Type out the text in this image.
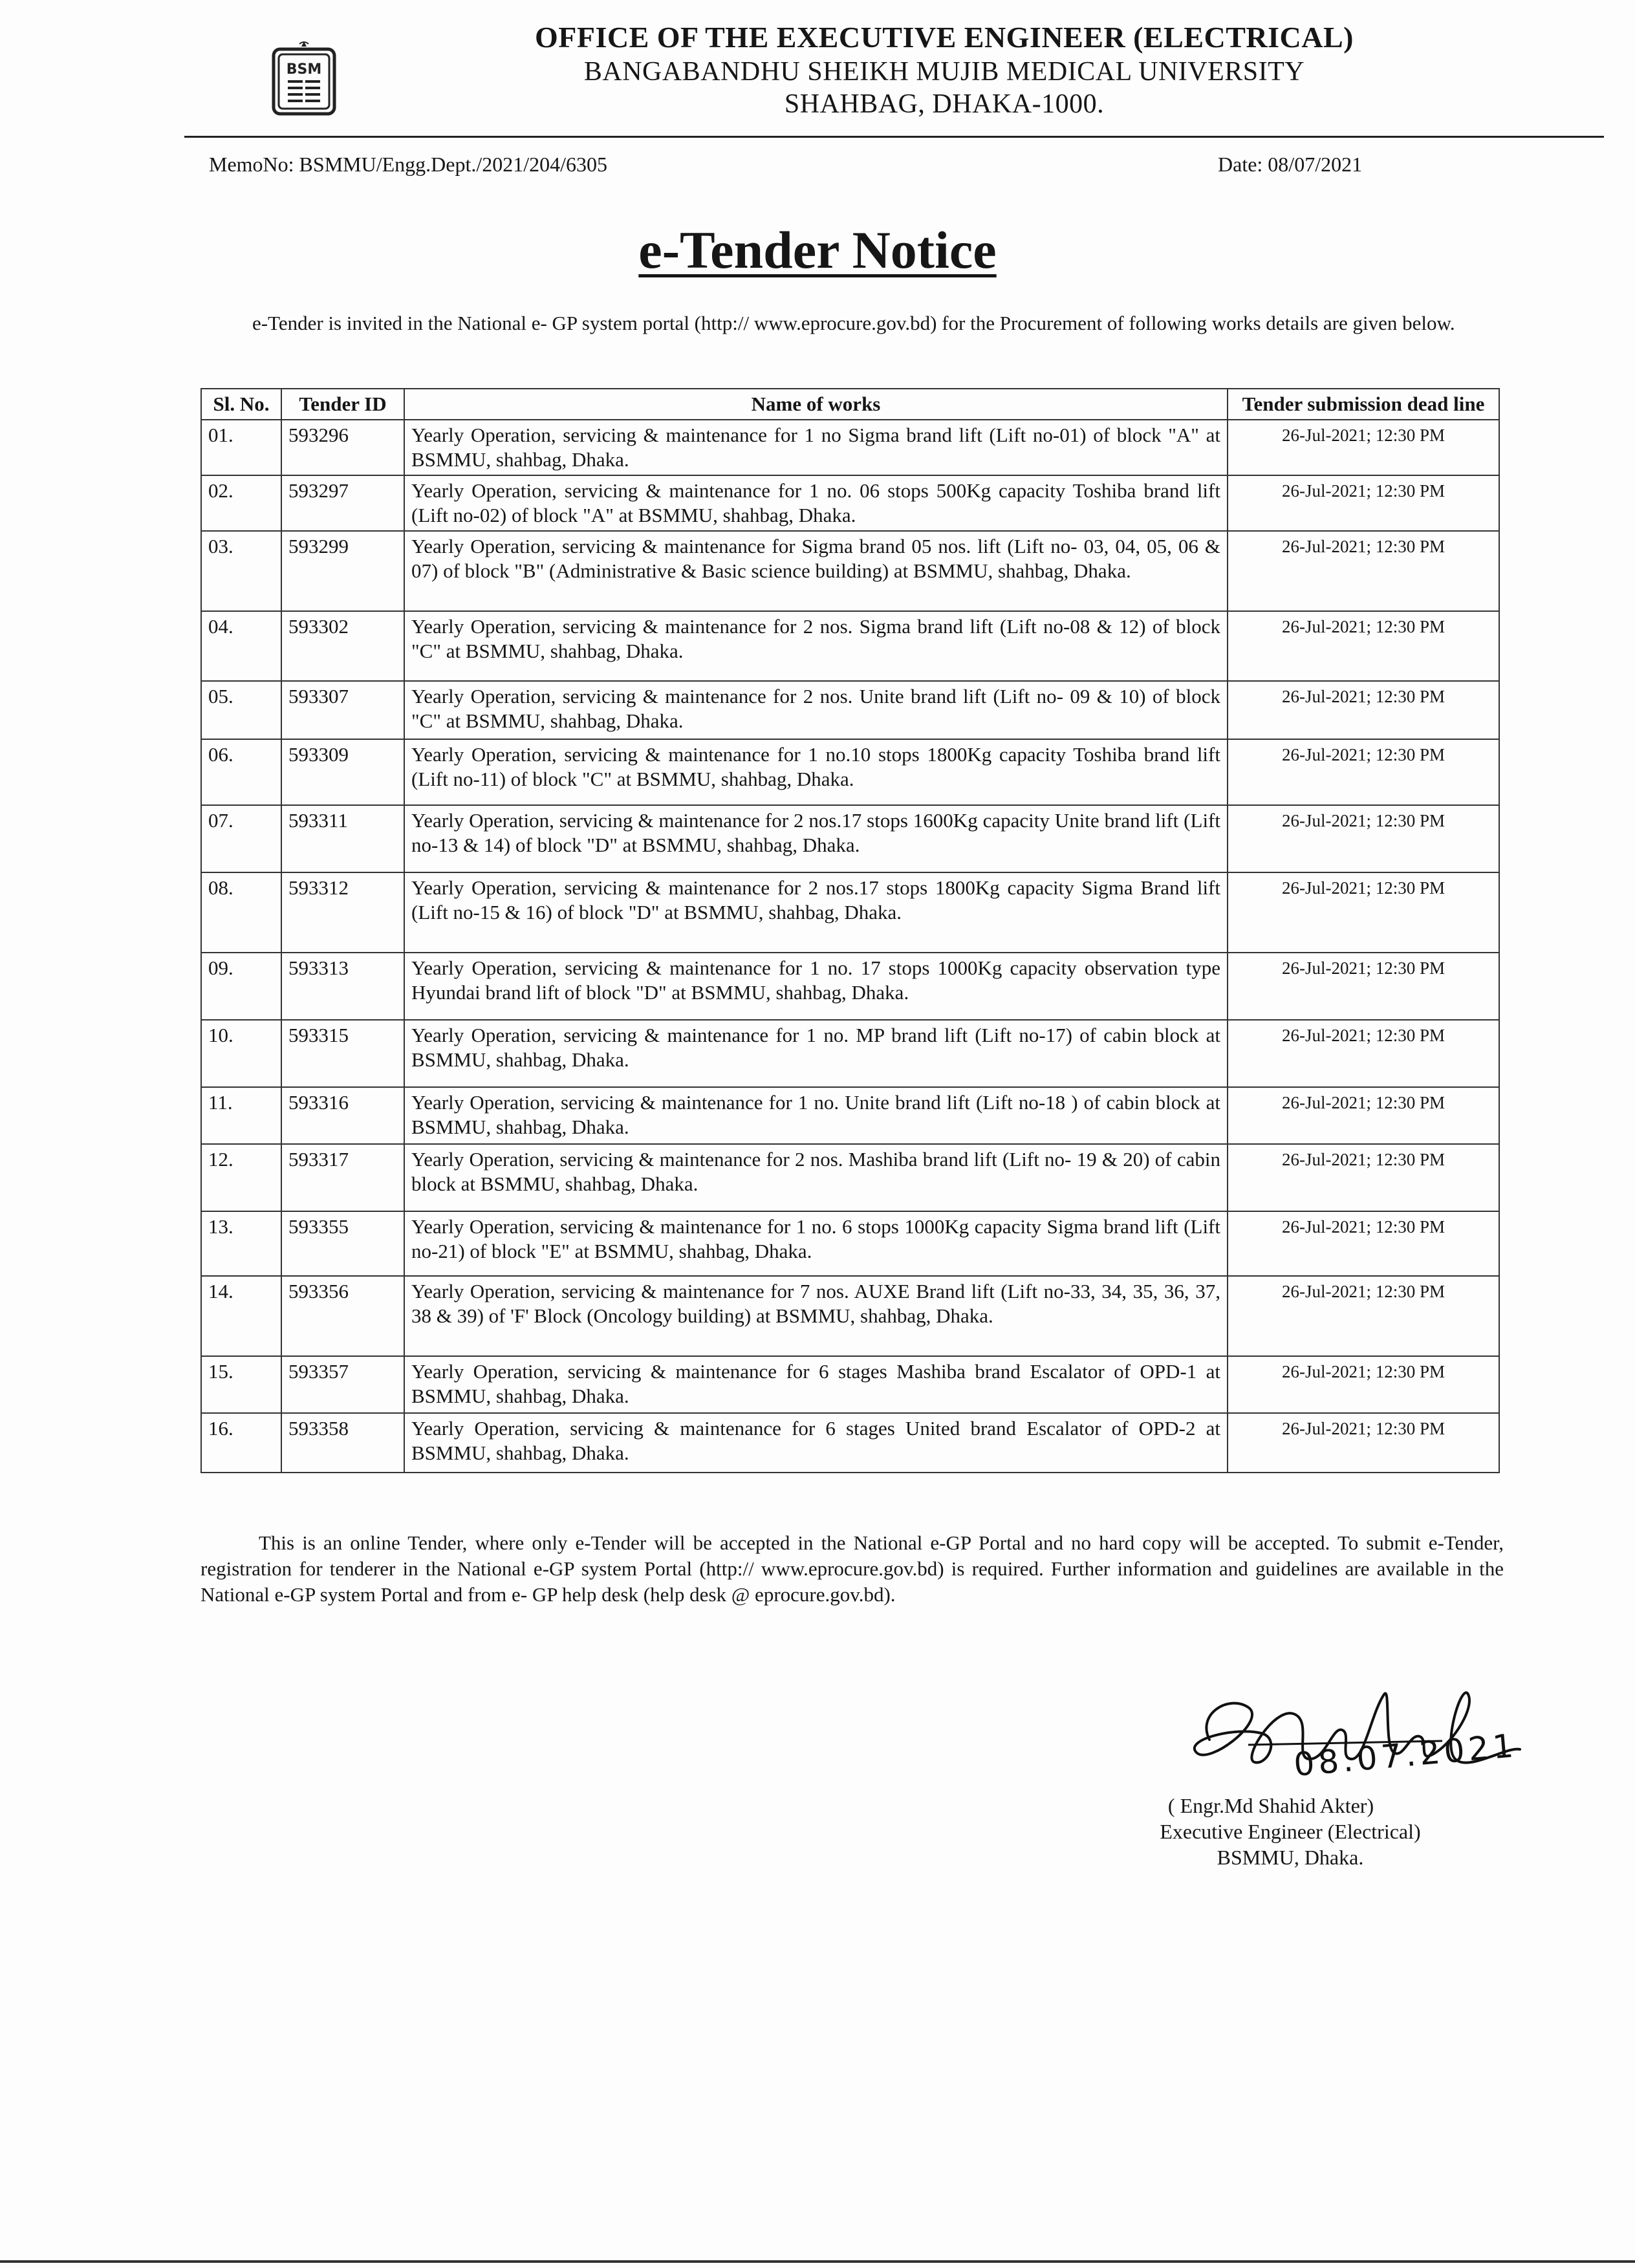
BSM
OFFICE OF THE EXECUTIVE ENGINEER (ELECTRICAL)
BANGABANDHU SHEIKH MUJIB MEDICAL UNIVERSITY
SHAHBAG, DHAKA-1000.
MemoNo: BSMMU/Engg.Dept./2021/204/6305	Date: 08/07/2021
e-Tender Notice
e-Tender is invited in the National e- GP system portal (http:// www.eprocure.gov.bd) for the Procurement of following works details are given below.
Sl. No.	Tender ID	Name of works	Tender submission dead line
01.	593296	Yearly Operation, servicing & maintenance for 1 no Sigma brand lift (Lift no-01) of block "A" at BSMMU, shahbag, Dhaka.	26-Jul-2021; 12:30 PM
02.	593297	Yearly Operation, servicing & maintenance for 1 no. 06 stops 500Kg capacity Toshiba brand lift (Lift no-02) of block "A" at BSMMU, shahbag, Dhaka.	26-Jul-2021; 12:30 PM
03.	593299	Yearly Operation, servicing & maintenance for Sigma brand 05 nos. lift (Lift no- 03, 04, 05, 06 & 07) of block "B" (Administrative & Basic science building) at BSMMU, shahbag, Dhaka.	26-Jul-2021; 12:30 PM
04.	593302	Yearly Operation, servicing & maintenance for 2 nos. Sigma brand lift (Lift no-08 & 12) of block "C" at BSMMU, shahbag, Dhaka.	26-Jul-2021; 12:30 PM
05.	593307	Yearly Operation, servicing & maintenance for 2 nos. Unite brand lift (Lift no- 09 & 10) of block "C" at BSMMU, shahbag, Dhaka.	26-Jul-2021; 12:30 PM
06.	593309	Yearly Operation, servicing & maintenance for 1 no.10 stops 1800Kg capacity Toshiba brand lift (Lift no-11) of block "C" at BSMMU, shahbag, Dhaka.	26-Jul-2021; 12:30 PM
07.	593311	Yearly Operation, servicing & maintenance for 2 nos.17 stops 1600Kg capacity Unite brand lift (Lift no-13 & 14) of block "D" at BSMMU, shahbag, Dhaka.	26-Jul-2021; 12:30 PM
08.	593312	Yearly Operation, servicing & maintenance for 2 nos.17 stops 1800Kg capacity Sigma Brand lift (Lift no-15 & 16) of block "D" at BSMMU, shahbag, Dhaka.	26-Jul-2021; 12:30 PM
09.	593313	Yearly Operation, servicing & maintenance for 1 no. 17 stops 1000Kg capacity observation type Hyundai brand lift of block "D" at BSMMU, shahbag, Dhaka.	26-Jul-2021; 12:30 PM
10.	593315	Yearly Operation, servicing & maintenance for 1 no. MP brand lift (Lift no-17) of cabin block at BSMMU, shahbag, Dhaka.	26-Jul-2021; 12:30 PM
11.	593316	Yearly Operation, servicing & maintenance for 1 no. Unite brand lift (Lift no-18 ) of cabin block at BSMMU, shahbag, Dhaka.	26-Jul-2021; 12:30 PM
12.	593317	Yearly Operation, servicing & maintenance for 2 nos. Mashiba brand lift (Lift no- 19 & 20) of cabin block at BSMMU, shahbag, Dhaka.	26-Jul-2021; 12:30 PM
13.	593355	Yearly Operation, servicing & maintenance for 1 no. 6 stops 1000Kg capacity Sigma brand lift (Lift no-21) of block "E" at BSMMU, shahbag, Dhaka.	26-Jul-2021; 12:30 PM
14.	593356	Yearly Operation, servicing & maintenance for 7 nos. AUXE Brand lift (Lift no-33, 34, 35, 36, 37, 38 & 39) of 'F' Block (Oncology building) at BSMMU, shahbag, Dhaka.	26-Jul-2021; 12:30 PM
15.	593357	Yearly Operation, servicing & maintenance for 6 stages Mashiba brand Escalator of OPD-1 at BSMMU, shahbag, Dhaka.	26-Jul-2021; 12:30 PM
16.	593358	Yearly Operation, servicing & maintenance for 6 stages United brand Escalator of OPD-2 at BSMMU, shahbag, Dhaka.	26-Jul-2021; 12:30 PM
This is an online Tender, where only e-Tender will be accepted in the National e-GP Portal and no hard copy will be accepted. To submit e-Tender, registration for tenderer in the National e-GP system Portal (http:// www.eprocure.gov.bd) is required. Further information and guidelines are available in the National e-GP system Portal and from e- GP help desk (help desk @ eprocure.gov.bd).
08.07.2021
( Engr.Md Shahid Akter)
Executive Engineer (Electrical)
BSMMU, Dhaka.
